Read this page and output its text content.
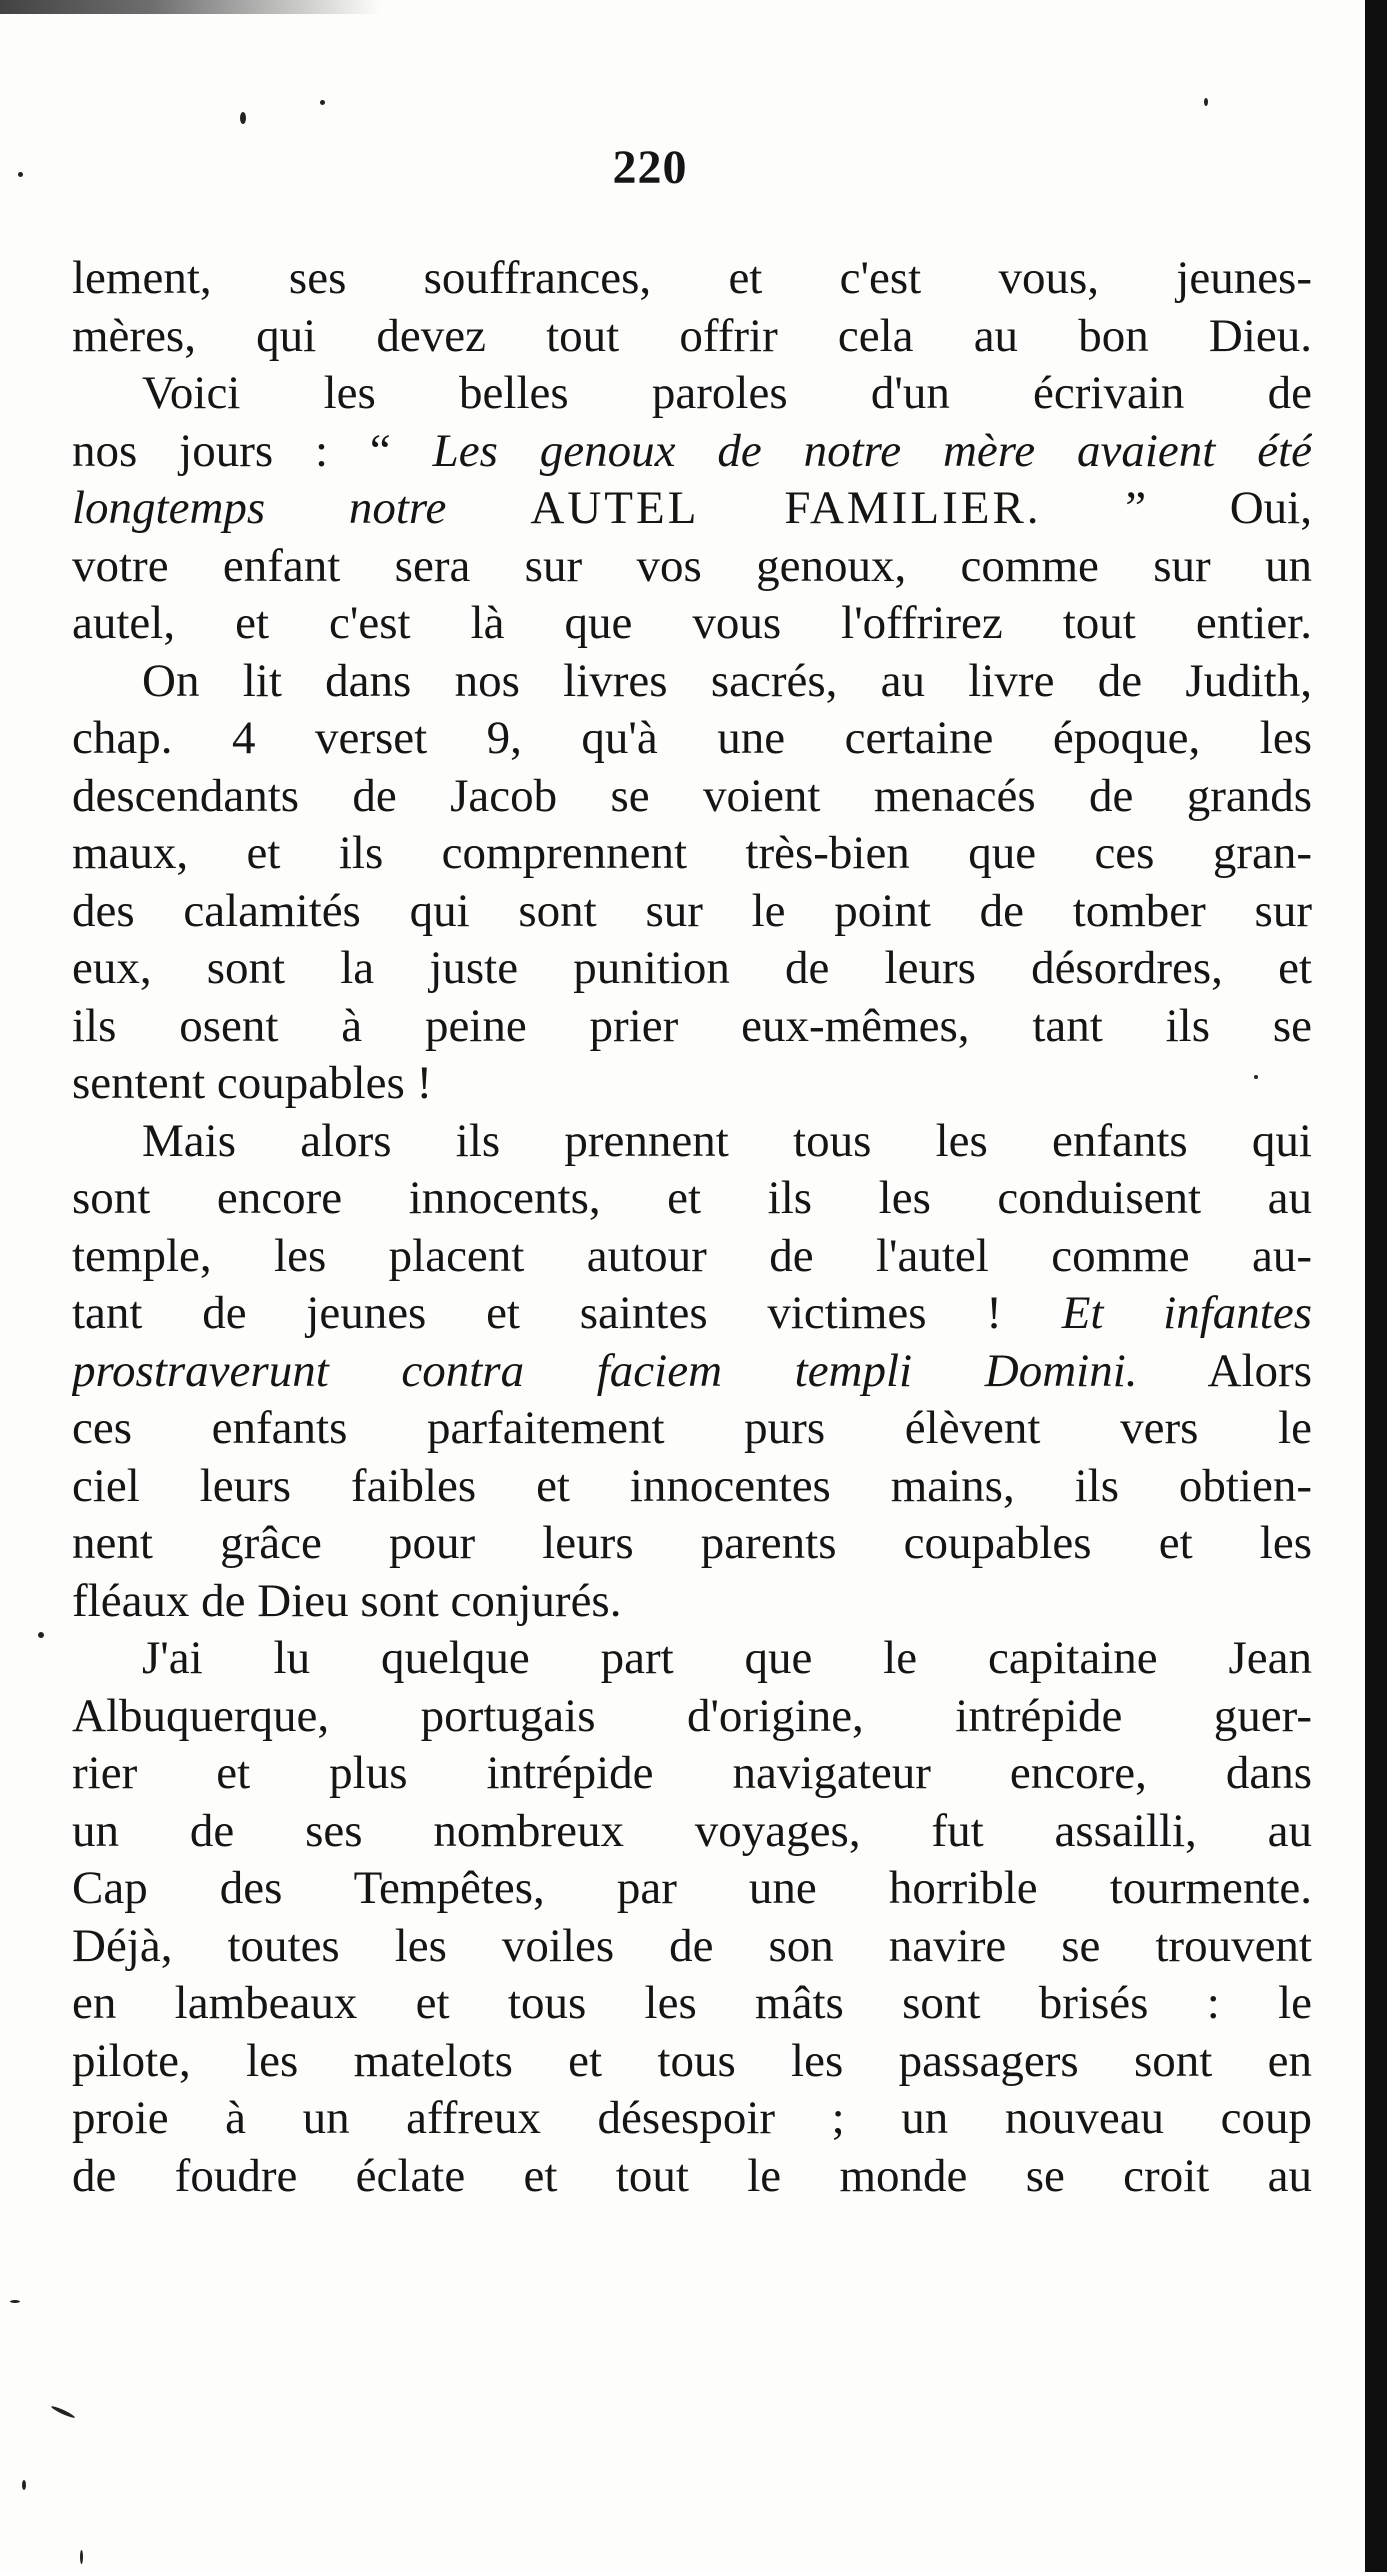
220
lement, ses souffrances, et c'est vous, jeunes-
mères, qui devez tout offrir cela au bon Dieu.
Voici les belles paroles d'un écrivain de
nos jours : “ Les genoux de notre mère avaient été
longtemps notre AUTEL FAMILIER. ” Oui,
votre enfant sera sur vos genoux, comme sur un
autel, et c'est là que vous l'offrirez tout entier.
On lit dans nos livres sacrés, au livre de Judith,
chap. 4 verset 9, qu'à une certaine époque, les
descendants de Jacob se voient menacés de grands
maux, et ils comprennent très-bien que ces gran-
des calamités qui sont sur le point de tomber sur
eux, sont la juste punition de leurs désordres, et
ils osent à peine prier eux-mêmes, tant ils se
sentent coupables !
Mais alors ils prennent tous les enfants qui
sont encore innocents, et ils les conduisent au
temple, les placent autour de l'autel comme au-
tant de jeunes et saintes victimes ! Et infantes
prostraverunt contra faciem templi Domini. Alors
ces enfants parfaitement purs élèvent vers le
ciel leurs faibles et innocentes mains, ils obtien-
nent grâce pour leurs parents coupables et les
fléaux de Dieu sont conjurés.
J'ai lu quelque part que le capitaine Jean
Albuquerque, portugais d'origine, intrépide guer-
rier et plus intrépide navigateur encore, dans
un de ses nombreux voyages, fut assailli, au
Cap des Tempêtes, par une horrible tourmente.
Déjà, toutes les voiles de son navire se trouvent
en lambeaux et tous les mâts sont brisés : le
pilote, les matelots et tous les passagers sont en
proie à un affreux désespoir ; un nouveau coup
de foudre éclate et tout le monde se croit au
